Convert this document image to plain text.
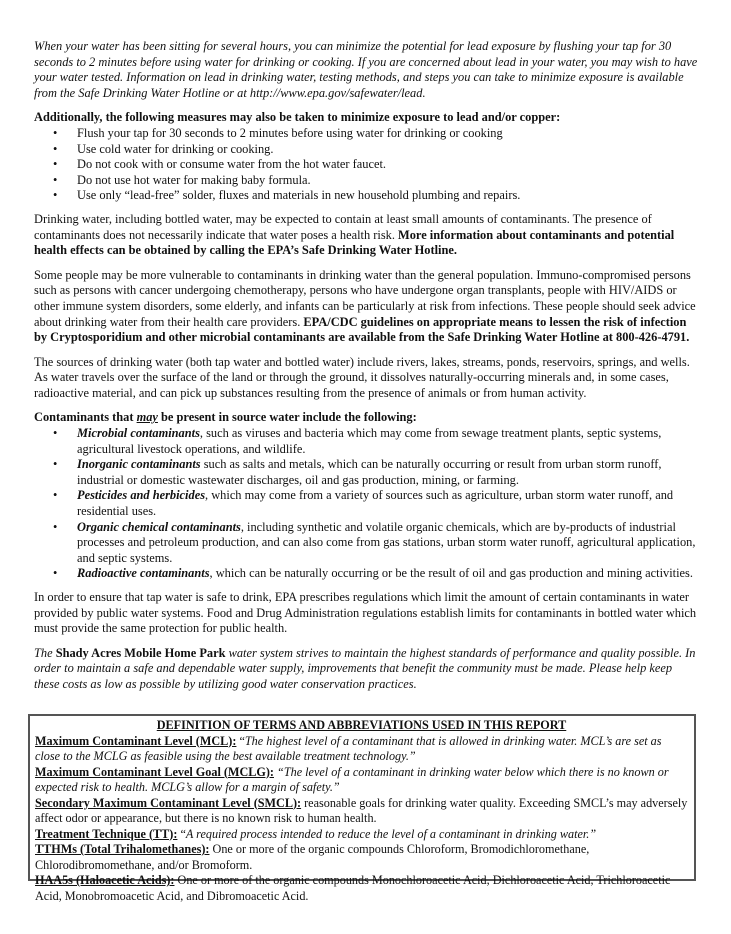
When your water has been sitting for several hours, you can minimize the potential for lead exposure by flushing your tap for 30 seconds to 2 minutes before using water for drinking or cooking. If you are concerned about lead in your water, you may wish to have your water tested. Information on lead in drinking water, testing methods, and steps you can take to minimize exposure is available from the Safe Drinking Water Hotline or at http://www.epa.gov/safewater/lead.

Additionally, the following measures may also be taken to minimize exposure to lead and/or copper:

• Flush your tap for 30 seconds to 2 minutes before using water for drinking or cooking
• Use cold water for drinking or cooking.
• Do not cook with or consume water from the hot water faucet.
• Do not use hot water for making baby formula.
• Use only “lead-free” solder, fluxes and materials in new household plumbing and repairs.

Drinking water, including bottled water, may be expected to contain at least small amounts of contaminants. The presence of contaminants does not necessarily indicate that water poses a health risk. More information about contaminants and potential health effects can be obtained by calling the EPA’s Safe Drinking Water Hotline.

Some people may be more vulnerable to contaminants in drinking water than the general population. Immuno-compromised persons such as persons with cancer undergoing chemotherapy, persons who have undergone organ transplants, people with HIV/AIDS or other immune system disorders, some elderly, and infants can be particularly at risk from infections. These people should seek advice about drinking water from their health care providers. EPA/CDC guidelines on appropriate means to lessen the risk of infection by Cryptosporidium and other microbial contaminants are available from the Safe Drinking Water Hotline at 800-426-4791.

The sources of drinking water (both tap water and bottled water) include rivers, lakes, streams, ponds, reservoirs, springs, and wells. As water travels over the surface of the land or through the ground, it dissolves naturally-occurring minerals and, in some cases, radioactive material, and can pick up substances resulting from the presence of animals or from human activity.

Contaminants that may be present in source water include the following:

• Microbial contaminants, such as viruses and bacteria which may come from sewage treatment plants, septic systems, agricultural livestock operations, and wildlife.
• Inorganic contaminants such as salts and metals, which can be naturally occurring or result from urban storm runoff, industrial or domestic wastewater discharges, oil and gas production, mining, or farming.
• Pesticides and herbicides, which may come from a variety of sources such as agriculture, urban storm water runoff, and residential uses.
• Organic chemical contaminants, including synthetic and volatile organic chemicals, which are by-products of industrial processes and petroleum production, and can also come from gas stations, urban storm water runoff, agricultural application, and septic systems.
• Radioactive contaminants, which can be naturally occurring or be the result of oil and gas production and mining activities.

In order to ensure that tap water is safe to drink, EPA prescribes regulations which limit the amount of certain contaminants in water provided by public water systems. Food and Drug Administration regulations establish limits for contaminants in bottled water which must provide the same protection for public health.

The Shady Acres Mobile Home Park water system strives to maintain the highest standards of performance and quality possible. In order to maintain a safe and dependable water supply, improvements that benefit the community must be made. Please help keep these costs as low as possible by utilizing good water conservation practices.

DEFINITION OF TERMS AND ABBREVIATIONS USED IN THIS REPORT

Maximum Contaminant Level (MCL): “The highest level of a contaminant that is allowed in drinking water. MCL’s are set as close to the MCLG as feasible using the best available treatment technology.”

Maximum Contaminant Level Goal (MCLG): “The level of a contaminant in drinking water below which there is no known or expected risk to health. MCLG’s allow for a margin of safety.”

Secondary Maximum Contaminant Level (SMCL): reasonable goals for drinking water quality. Exceeding SMCL’s may adversely affect odor or appearance, but there is no known risk to human health.

Treatment Technique (TT): “A required process intended to reduce the level of a contaminant in drinking water.”

TTHMs (Total Trihalomethanes): One or more of the organic compounds Chloroform, Bromodichloromethane, Chlorodibromomethane, and/or Bromoform.

HAA5s (Haloacetic Acids): One or more of the organic compounds Monochloroacetic Acid, Dichloroacetic Acid, Trichloroacetic Acid, Monobromoacetic Acid, and Dibromoacetic Acid.
